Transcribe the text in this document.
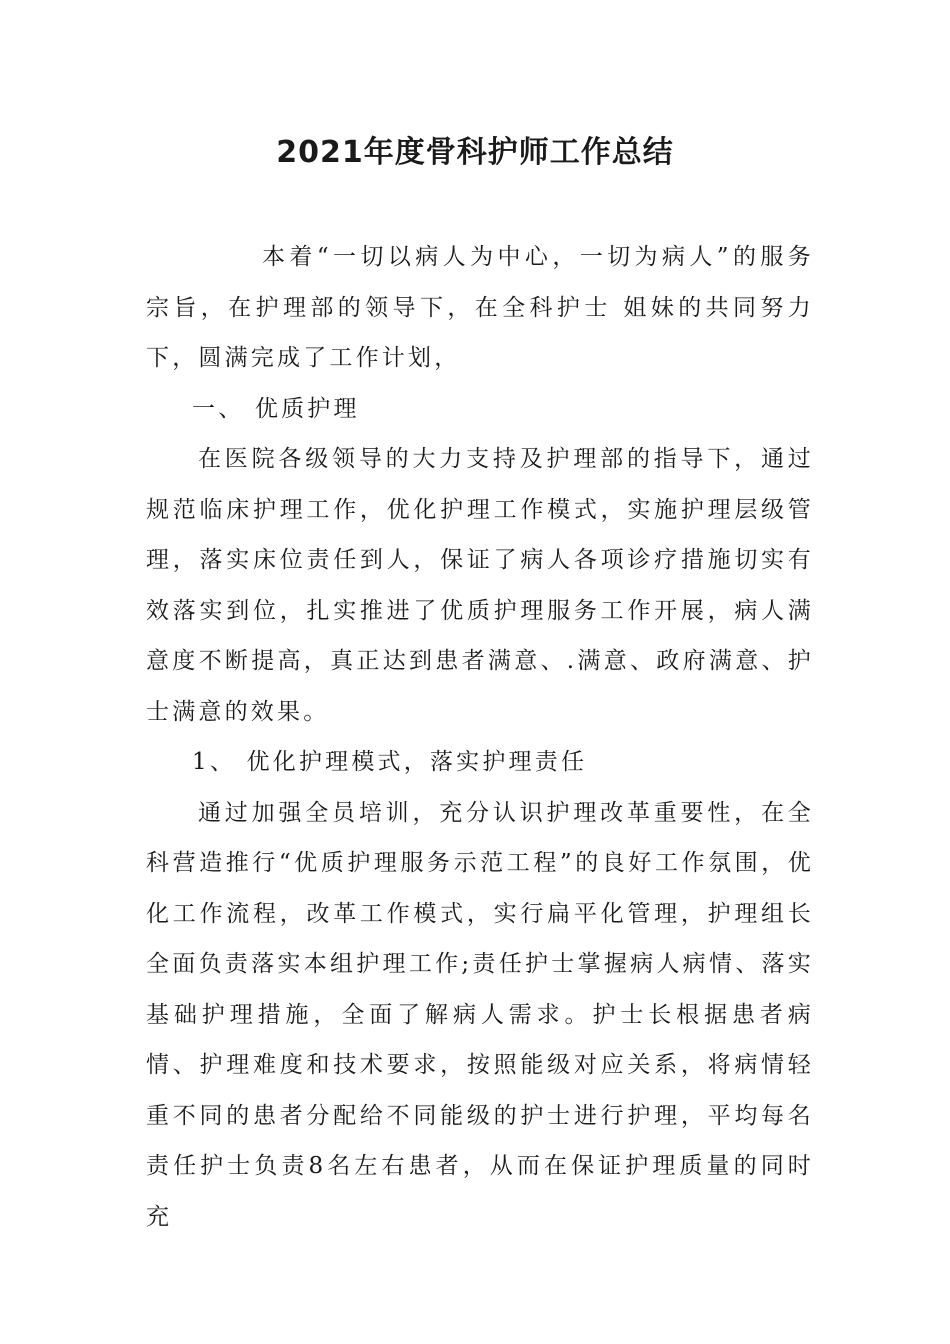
2021年度骨科护师工作总结

本着“一切以病人为中心，一切为病人”的服务宗旨，在护理部的领导下，在全科护士 姐妹的共同努力下，圆满完成了工作计划，

一、 优质护理

在医院各级领导的大力支持及护理部的指导下，通过规范临床护理工作，优化护理工作模式，实施护理层级管理，落实床位责任到人，保证了病人各项诊疗措施切实有效落实到位，扎实推进了优质护理服务工作开展，病人满意度不断提高，真正达到患者满意、.满意、政府满意、护士满意的效果。

1、 优化护理模式，落实护理责任

通过加强全员培训，充分认识护理改革重要性，在全科营造推行“优质护理服务示范工程”的良好工作氛围，优化工作流程，改革工作模式，实行扁平化管理，护理组长全面负责落实本组护理工作;责任护士掌握病人病情、落实基础护理措施，全面了解病人需求。护士长根据患者病情、护理难度和技术要求，按照能级对应关系，将病情轻重不同的患者分配给不同能级的护士进行护理，平均每名责任护士负责8名左右患者，从而在保证护理质量的同时充
